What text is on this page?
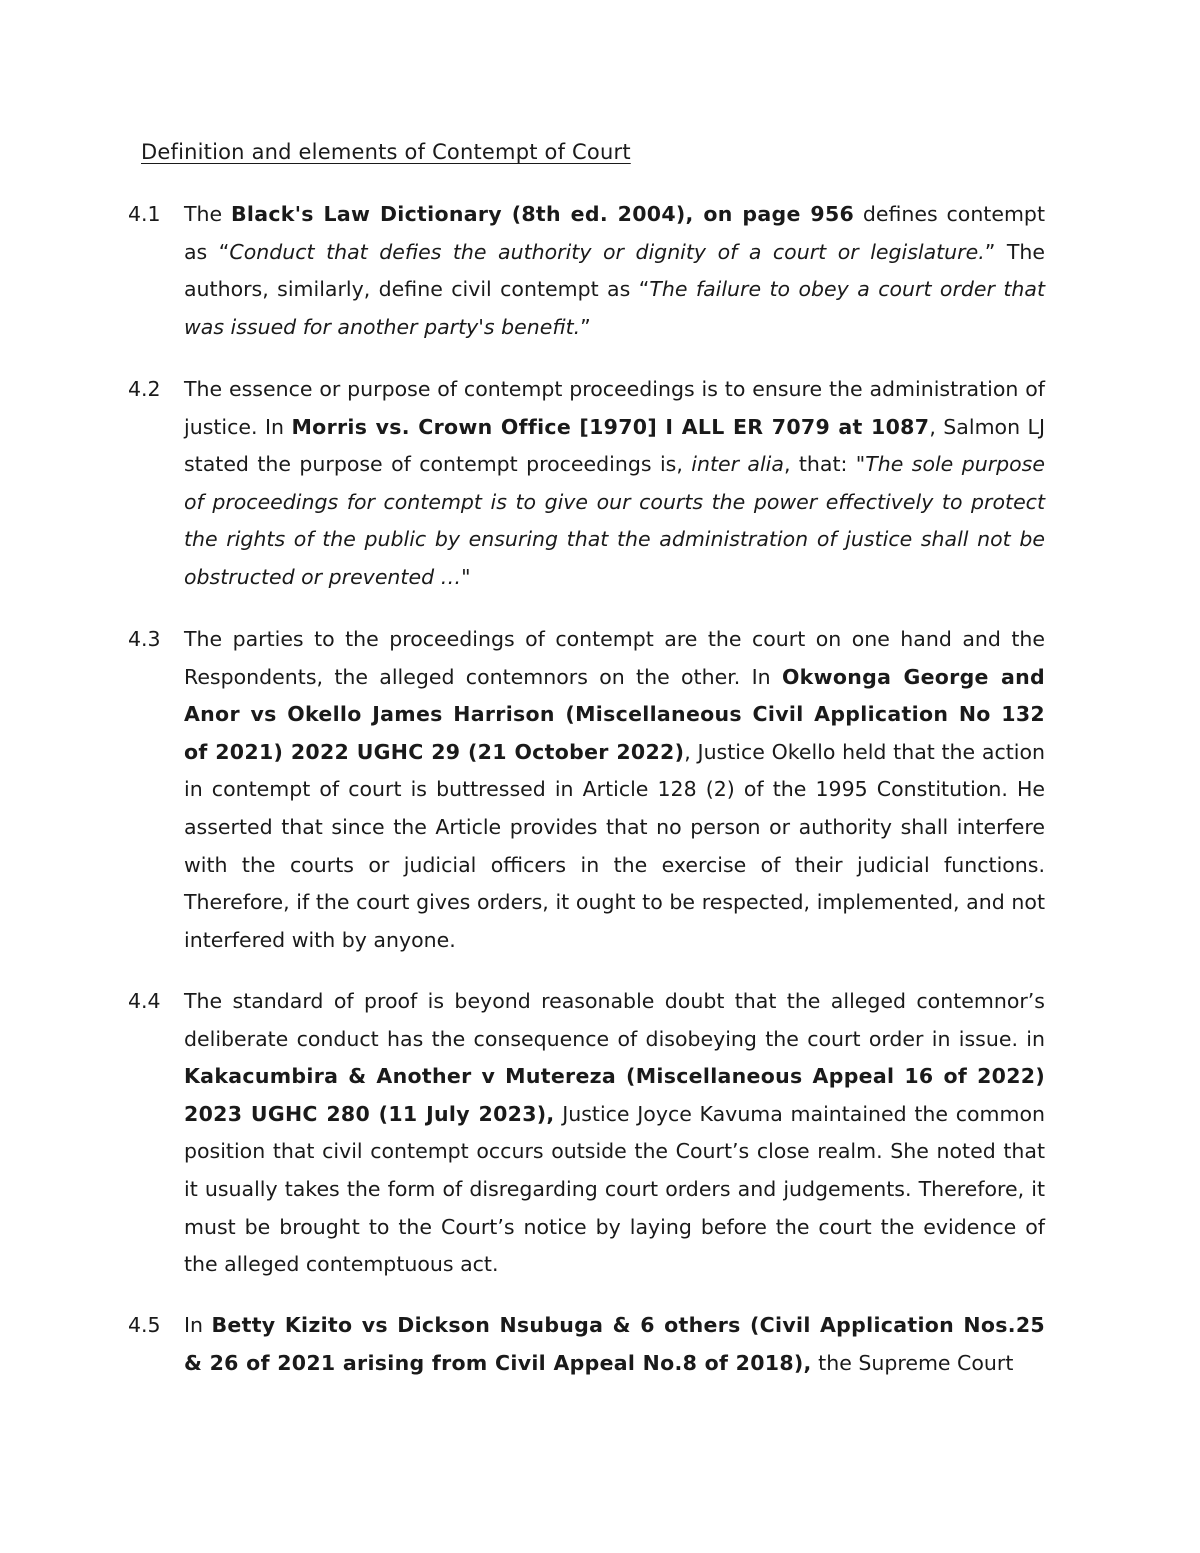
Definition and elements of Contempt of Court
4.1 The Black's Law Dictionary (8th ed. 2004), on page 956 defines contempt as “Conduct that defies the authority or dignity of a court or legislature.” The authors, similarly, define civil contempt as “The failure to obey a court order that was issued for another party's benefit.”

4.2 The essence or purpose of contempt proceedings is to ensure the administration of justice. In Morris vs. Crown Office [1970] I ALL ER 7079 at 1087, Salmon LJ stated the purpose of contempt proceedings is, inter alia, that: "The sole purpose of proceedings for contempt is to give our courts the power effectively to protect the rights of the public by ensuring that the administration of justice shall not be obstructed or prevented …"

4.3 The parties to the proceedings of contempt are the court on one hand and the Respondents, the alleged contemnors on the other. In Okwonga George and Anor vs Okello James Harrison (Miscellaneous Civil Application No 132 of 2021) 2022 UGHC 29 (21 October 2022), Justice Okello held that the action in contempt of court is buttressed in Article 128 (2) of the 1995 Constitution. He asserted that since the Article provides that no person or authority shall interfere with the courts or judicial officers in the exercise of their judicial functions. Therefore, if the court gives orders, it ought to be respected, implemented, and not interfered with by anyone.

4.4 The standard of proof is beyond reasonable doubt that the alleged contemnor’s deliberate conduct has the consequence of disobeying the court order in issue. in Kakacumbira & Another v Mutereza (Miscellaneous Appeal 16 of 2022) 2023 UGHC 280 (11 July 2023), Justice Joyce Kavuma maintained the common position that civil contempt occurs outside the Court’s close realm. She noted that it usually takes the form of disregarding court orders and judgements. Therefore, it must be brought to the Court’s notice by laying before the court the evidence of the alleged contemptuous act.

4.5 In Betty Kizito vs Dickson Nsubuga & 6 others (Civil Application Nos.25 & 26 of 2021 arising from Civil Appeal No.8 of 2018), the Supreme Court
